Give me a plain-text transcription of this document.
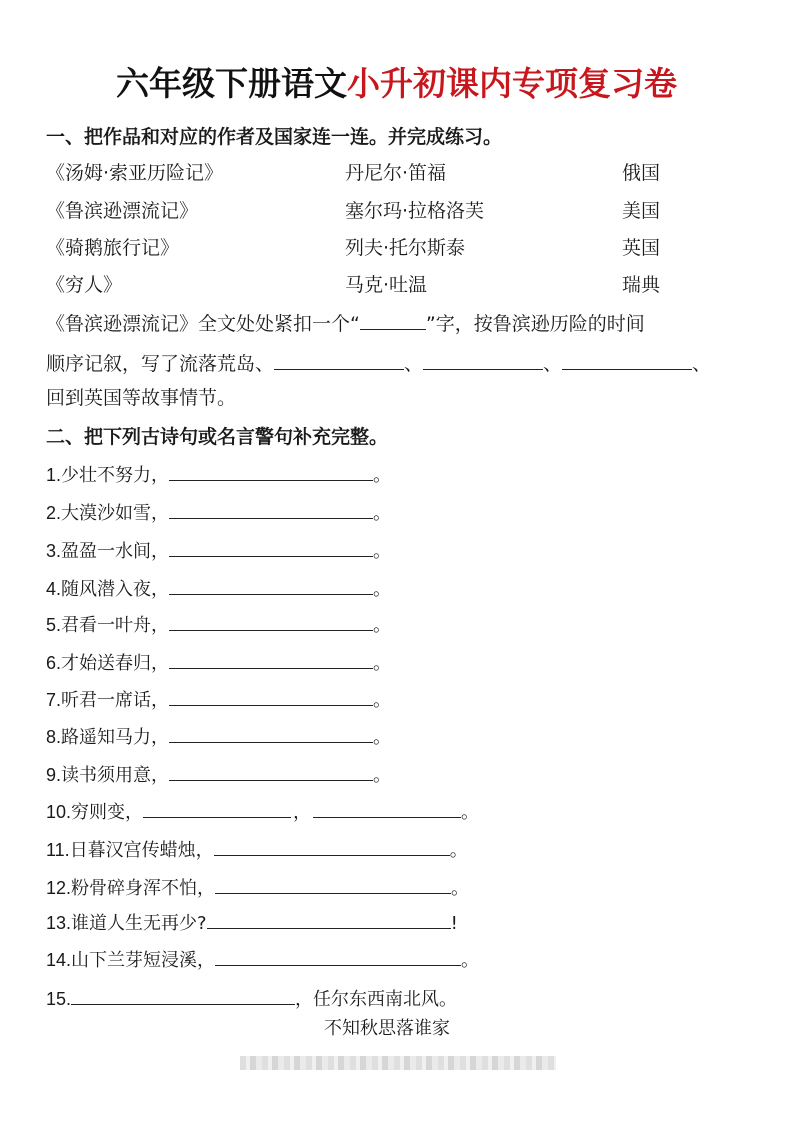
六年级下册语文小升初课内专项复习卷
一、把作品和对应的作者及国家连一连。并完成练习。
《汤姆·索亚历险记》	丹尼尔·笛福	俄国
《鲁滨逊漂流记》	塞尔玛·拉格洛芙	美国
《骑鹅旅行记》	列夫·托尔斯泰	英国
《穷人》	马克·吐温	瑞典
《鲁滨逊漂流记》全文处处紧扣一个“	”字，按鲁滨逊历险的时间
顺序记叙，写了流落荒岛、	、	、	、
回到英国等故事情节。
二、把下列古诗句或名言警句补充完整。
1.少壮不努力，	。
2.大漠沙如雪，	。
3.盈盈一水间，	。
4.随风潜入夜，	。
5.君看一叶舟，	。
6.才始送春归，	。
7.听君一席话，	。
8.路遥知马力，	。
9.读书须用意，	。
10.穷则变，	，	。
11.日暮汉宫传蜡烛，	。
12.粉骨碎身浑不怕，	。
13.谁道人生无再少?	!
14.山下兰芽短浸溪，	。
15.	，任尔东西南北风。
不知秋思落谁家
